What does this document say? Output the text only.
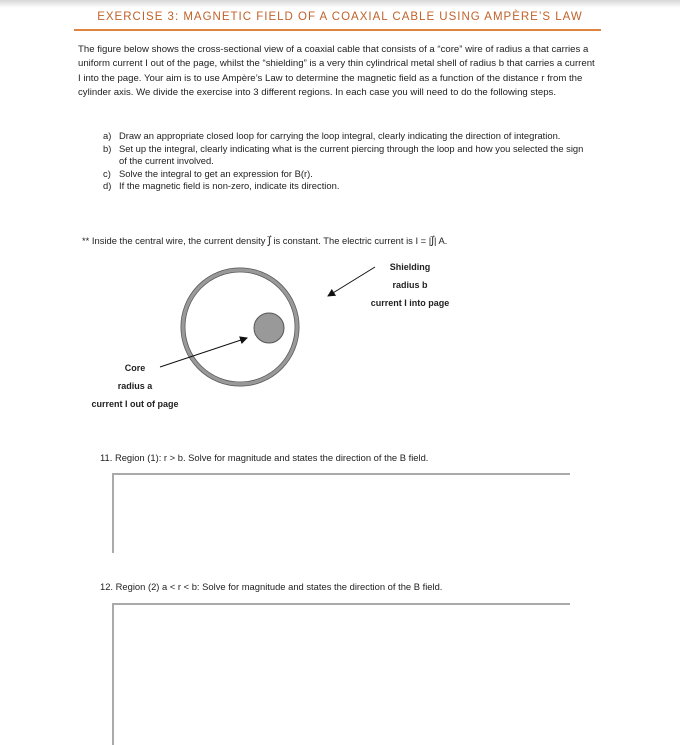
EXERCISE 3: MAGNETIC FIELD OF A COAXIAL CABLE USING AMPÈRE’S LAW
The figure below shows the cross-sectional view of a coaxial cable that consists of a “core” wire of radius a that carries a uniform current I out of the page, whilst the “shielding” is a very thin cylindrical metal shell of radius b that carries a current I into the page. Your aim is to use Ampère’s Law to determine the magnetic field as a function of the distance r from the cylinder axis. We divide the exercise into 3 different regions. In each case you will need to do the following steps.
a) Draw an appropriate closed loop for carrying the loop integral, clearly indicating the direction of integration.
b) Set up the integral, clearly indicating what is the current piercing through the loop and how you selected the sign of the current involved.
c) Solve the integral to get an expression for B(r).
d) If the magnetic field is non-zero, indicate its direction.
** Inside the central wire, the current density J⃗ is constant. The electric current is I = |J⃗| A.
Shielding
radius b
current I into page
Core
radius a
current I out of page
11. Region (1): r > b. Solve for magnitude and states the direction of the B field.
12. Region (2) a < r < b: Solve for magnitude and states the direction of the B field.
